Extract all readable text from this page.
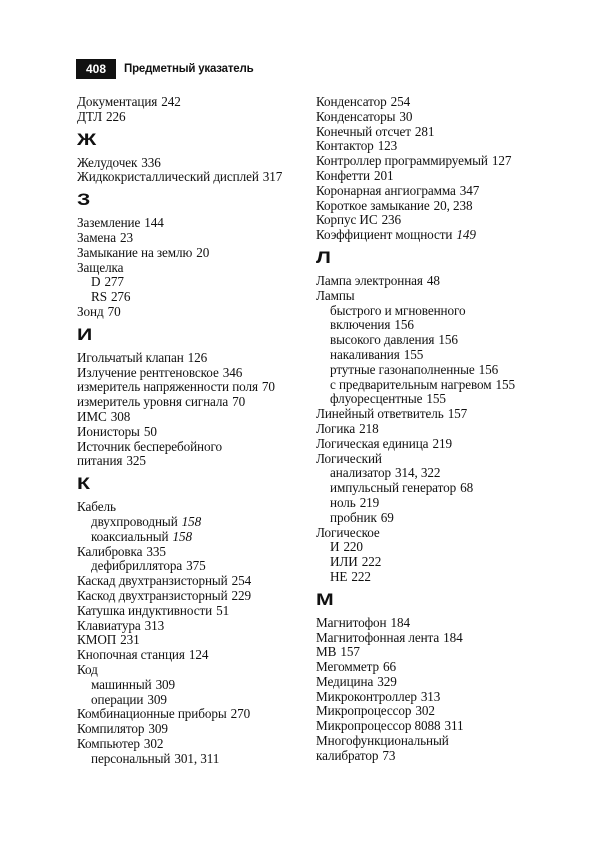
408	Предметный указатель
Документация 242
ДТЛ 226
Ж
Желудочек 336
Жидкокристаллический дисплей 317
З
Заземление 144
Замена 23
Замыкание на землю 20
Защелка
D 277
RS 276
Зонд 70
И
Игольчатый клапан 126
Излучение рентгеновское 346
измеритель напряженности поля 70
измеритель уровня сигнала 70
ИМС 308
Ионисторы 50
Источник бесперебойного
питания 325
К
Кабель
двухпроводный 158
коаксиальный 158
Калибровка 335
дефибриллятора 375
Каскад двухтранзисторный 254
Каскод двухтранзисторный 229
Катушка индуктивности 51
Клавиатура 313
КМОП 231
Кнопочная станция 124
Код
машинный 309
операции 309
Комбинационные приборы 270
Компилятор 309
Компьютер 302
персональный 301, 311
Конденсатор 254
Конденсаторы 30
Конечный отсчет 281
Контактор 123
Контроллер программируемый 127
Конфетти 201
Коронарная ангиограмма 347
Короткое замыкание 20, 238
Корпус ИС 236
Коэффициент мощности 149
Л
Лампа электронная 48
Лампы
быстрого и мгновенного
включения 156
высокого давления 156
накаливания 155
ртутные газонаполненные 156
с предварительным нагревом 155
флуоресцентные 155
Линейный ответвитель 157
Логика 218
Логическая единица 219
Логический
анализатор 314, 322
импульсный генератор 68
ноль 219
пробник 69
Логическое
И 220
ИЛИ 222
НЕ 222
М
Магнитофон 184
Магнитофонная лента 184
МВ 157
Мегомметр 66
Медицина 329
Микроконтроллер 313
Микропроцессор 302
Микропроцессор 8088 311
Многофункциональный
калибратор 73
